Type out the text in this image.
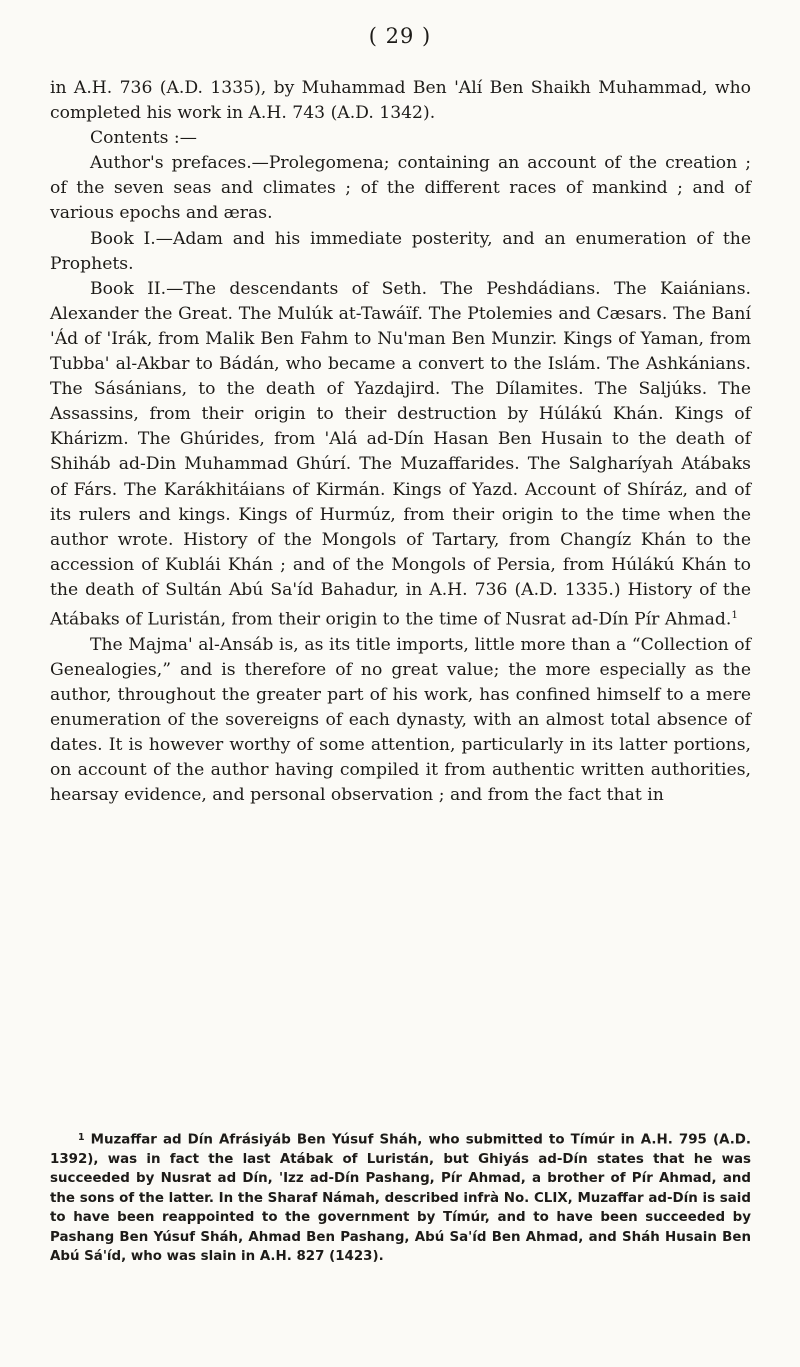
( 29 )

in A.H. 736 (A.D. 1335), by Muhammad Ben 'Alí Ben Shaikh Muhammad, who completed his work in A.H. 743 (A.D. 1342).

Contents :—

Author's prefaces.—Prolegomena; containing an account of the creation ; of the seven seas and climates ; of the different races of mankind ; and of various epochs and æras.

Book I.—Adam and his immediate posterity, and an enumeration of the Prophets.

Book II.—The descendants of Seth. The Peshdádians. The Kaiánians. Alexander the Great. The Mulúk at-Tawáïf. The Ptolemies and Cæsars. The Baní 'Ád of 'Irák, from Malik Ben Fahm to Nu'man Ben Munzir. Kings of Yaman, from Tubba' al-Akbar to Bádán, who became a convert to the Islám. The Ashkánians. The Sásánians, to the death of Yazdajird. The Dílamites. The Saljúks. The Assassins, from their origin to their destruction by Húlákú Khán. Kings of Khárizm. The Ghúrides, from 'Alá ad-Dín Hasan Ben Husain to the death of Shiháb ad-Din Muhammad Ghúrí. The Muzaffarides. The Salgharíyah Atábaks of Fárs. The Karákhitáians of Kirmán. Kings of Yazd. Account of Shíráz, and of its rulers and kings. Kings of Hurmúz, from their origin to the time when the author wrote. History of the Mongols of Tartary, from Changíz Khán to the accession of Kublái Khán ; and of the Mongols of Persia, from Húlákú Khán to the death of Sultán Abú Sa'íd Bahadur, in A.H. 736 (A.D. 1335.) History of the Atábaks of Luristán, from their origin to the time of Nusrat ad-Dín Pír Ahmad.$^1$

The Majma' al-Ansáb is, as its title imports, little more than a “Collection of Genealogies,” and is therefore of no great value; the more especially as the author, throughout the greater part of his work, has confined himself to a mere enumeration of the sovereigns of each dynasty, with an almost total absence of dates. It is however worthy of some attention, particularly in its latter portions, on account of the author having compiled it from authentic written authorities, hearsay evidence, and personal observation ; and from the fact that in

$^1$ Muzaffar ad Dín Afrásiyáb Ben Yúsuf Sháh, who submitted to Tímúr in A.H. 795 (A.D. 1392), was in fact the last Atábak of Luristán, but Ghiyás ad-Dín states that he was succeeded by Nusrat ad Dín, 'Izz ad-Dín Pashang, Pír Ahmad, a brother of Pír Ahmad, and the sons of the latter. In the Sharaf Námah, described infrà No. CLIX, Muzaffar ad-Dín is said to have been reappointed to the government by Tímúr, and to have been succeeded by Pashang Ben Yúsuf Sháh, Ahmad Ben Pashang, Abú Sa'íd Ben Ahmad, and Sháh Husain Ben Abú Sá'íd, who was slain in A.H. 827 (1423).
